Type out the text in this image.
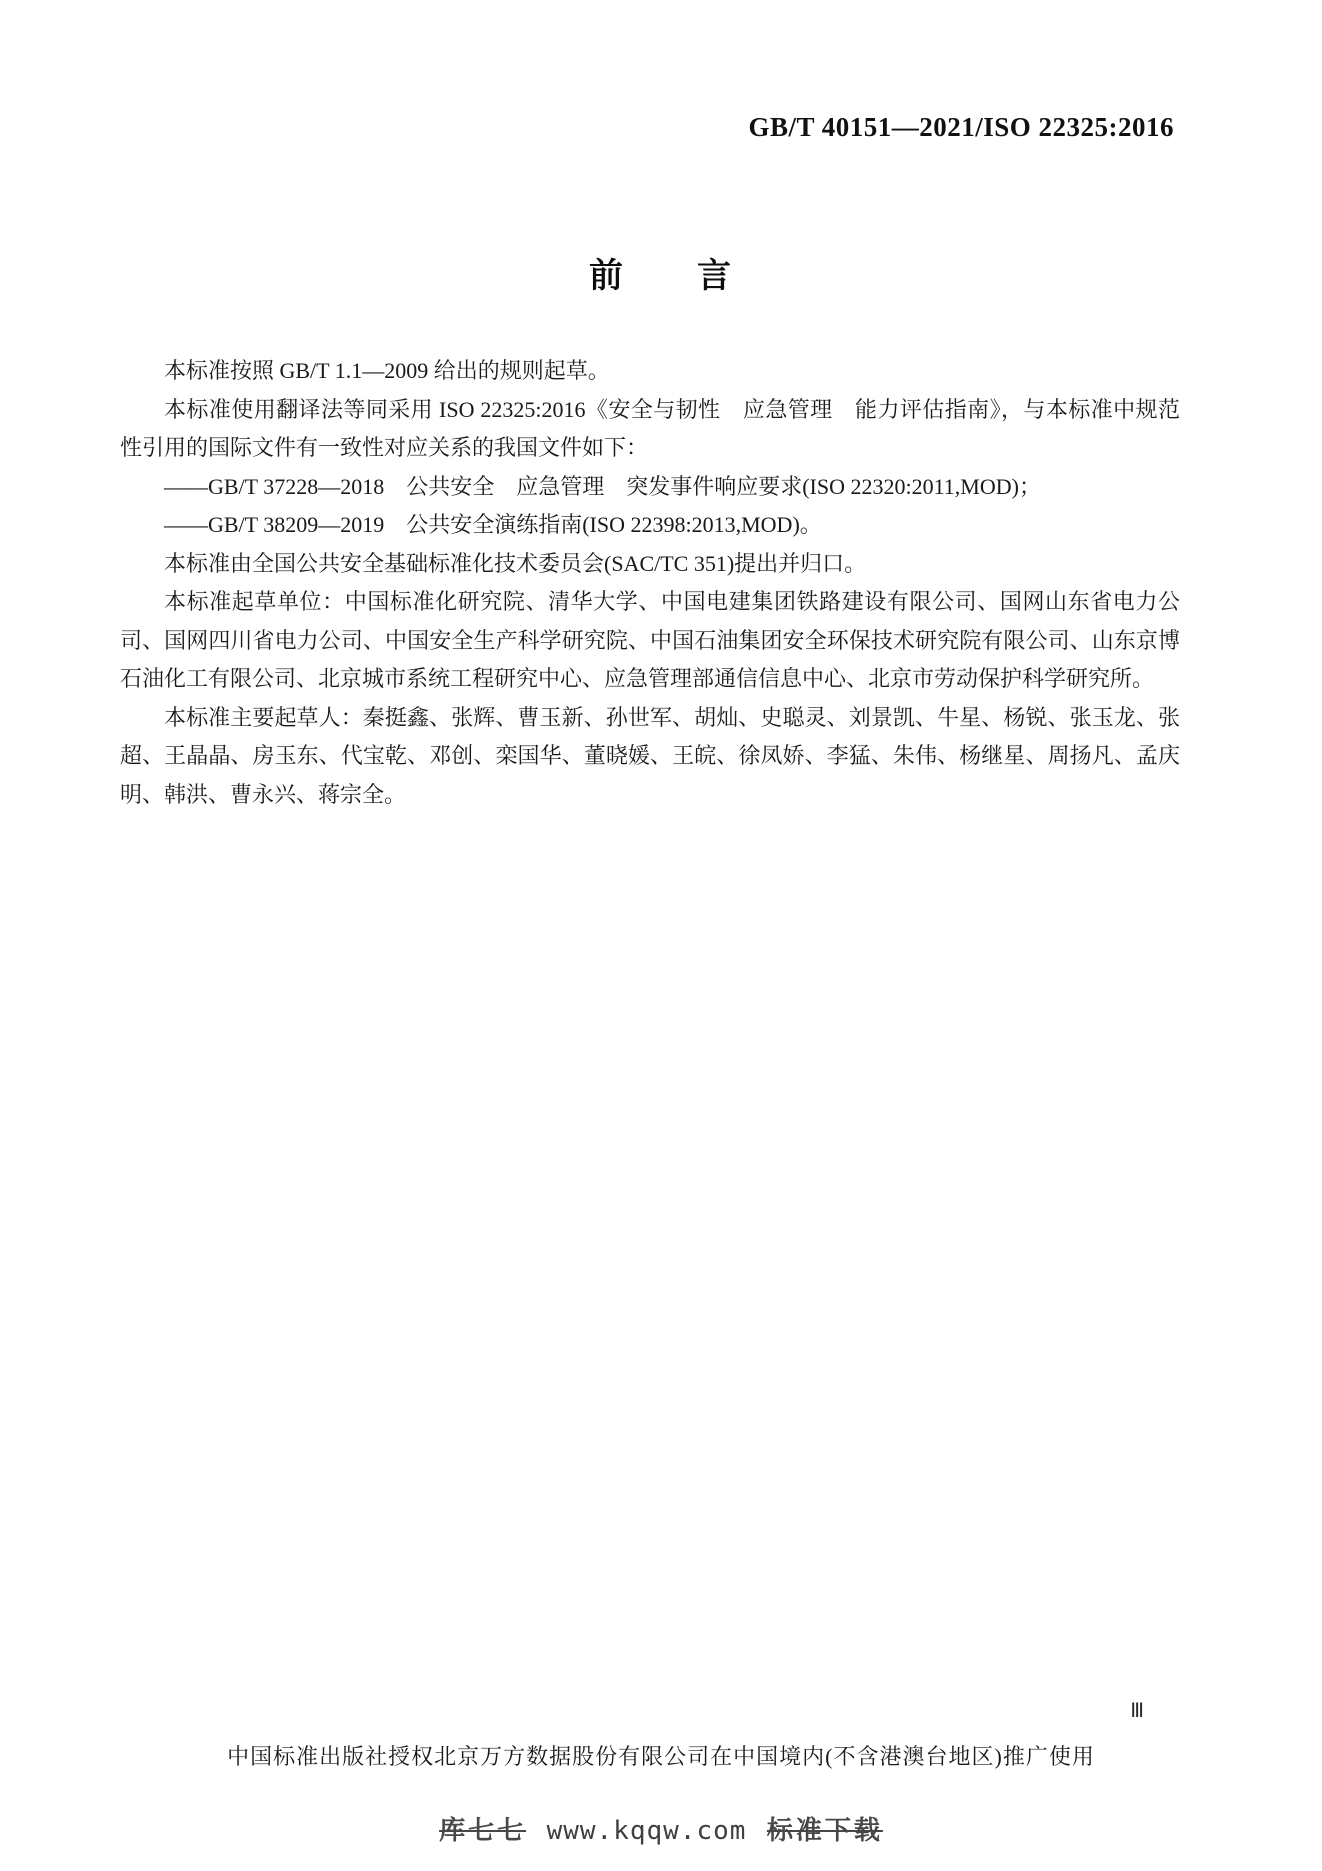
GB/T 40151—2021/ISO 22325:2016
前　　言

本标准按照 GB/T 1.1—2009 给出的规则起草。

本标准使用翻译法等同采用 ISO 22325:2016《安全与韧性　应急管理　能力评估指南》，与本标准中规范性引用的国际文件有一致性对应关系的我国文件如下：

——GB/T 37228—2018　公共安全　应急管理　突发事件响应要求(ISO 22320:2011,MOD)；

——GB/T 38209—2019　公共安全演练指南(ISO 22398:2013,MOD)。

本标准由全国公共安全基础标准化技术委员会(SAC/TC 351)提出并归口。

本标准起草单位：中国标准化研究院、清华大学、中国电建集团铁路建设有限公司、国网山东省电力公司、国网四川省电力公司、中国安全生产科学研究院、中国石油集团安全环保技术研究院有限公司、山东京博石油化工有限公司、北京城市系统工程研究中心、应急管理部通信信息中心、北京市劳动保护科学研究所。

本标准主要起草人：秦挺鑫、张辉、曹玉新、孙世军、胡灿、史聪灵、刘景凯、牛星、杨锐、张玉龙、张超、王晶晶、房玉东、代宝乾、邓创、栾国华、董晓媛、王皖、徐凤娇、李猛、朱伟、杨继星、周扬凡、孟庆明、韩洪、曹永兴、蒋宗全。

Ⅲ
中国标准出版社授权北京万方数据股份有限公司在中国境内(不含港澳台地区)推广使用
库七七 www.kqqw.com 标准下载
